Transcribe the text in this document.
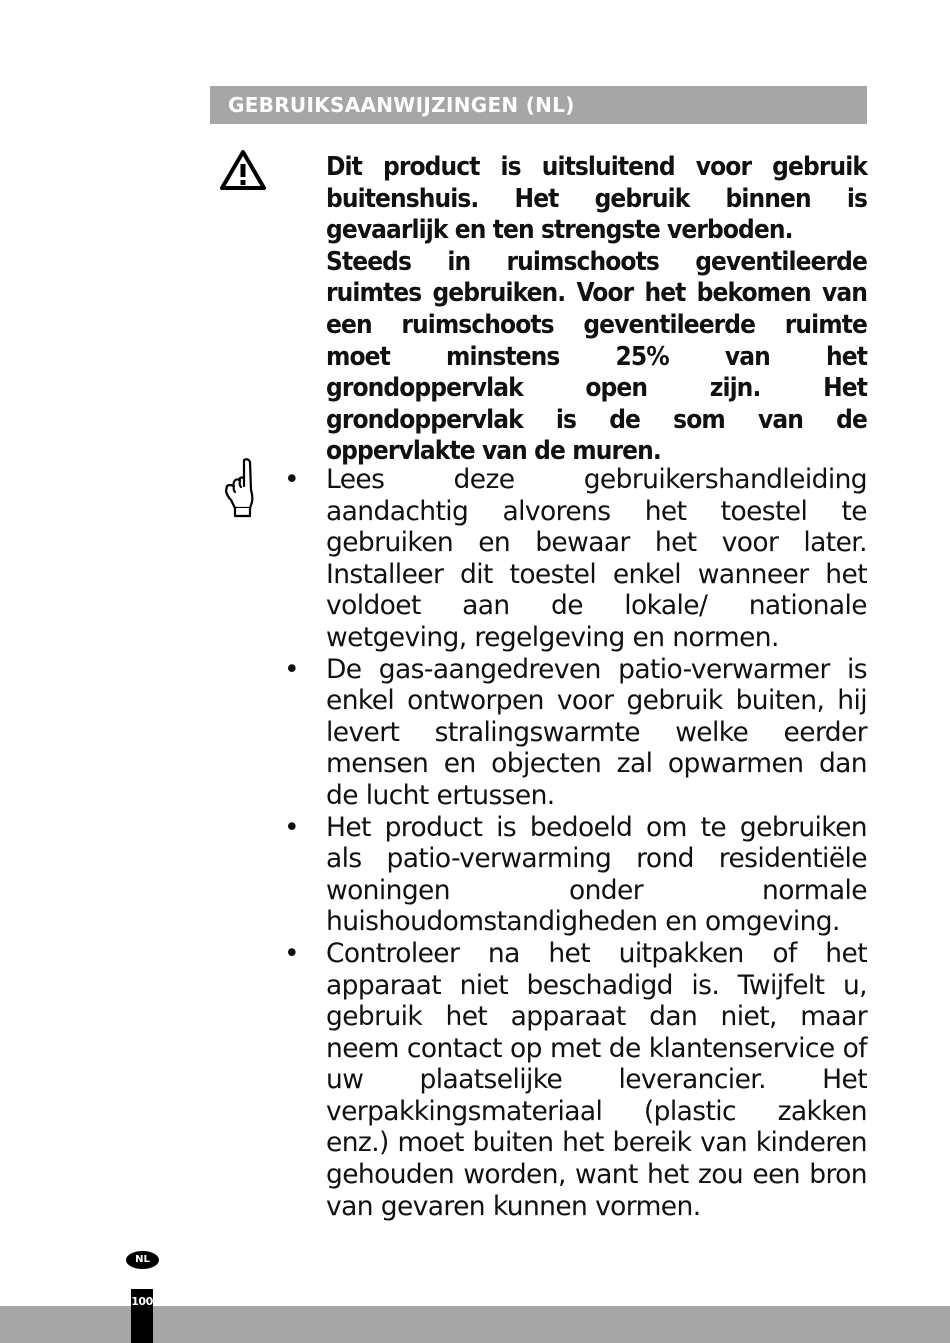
GEBRUIKSAANWIJZINGEN (NL)

Dit product is uitsluitend voor gebruik buitenshuis. Het gebruik binnen is gevaarlijk en ten strengste verboden.

Steeds in ruimschoots geventileerde ruimtes gebruiken. Voor het bekomen van een ruimschoots geventileerde ruimte moet minstens 25% van het grondoppervlak open zijn. Het grondoppervlak is de som van de oppervlakte van de muren.

•	Lees deze gebruikershandleiding aandachtig alvorens het toestel te gebruiken en bewaar het voor later. Installeer dit toestel enkel wanneer het voldoet aan de lokale/ nationale wetgeving, regelgeving en normen.
•	De gas-aangedreven patio-verwarmer is enkel ontworpen voor gebruik buiten, hij levert stralingswarmte welke eerder mensen en objecten zal opwarmen dan de lucht ertussen.
•	Het product is bedoeld om te gebruiken als patio-verwarming rond residentiële woningen onder normale huishoudomstandigheden en omgeving.
•	Controleer na het uitpakken of het apparaat niet beschadigd is. Twijfelt u, gebruik het apparaat dan niet, maar neem contact op met de klantenservice of uw plaatselijke leverancier. Het verpakkingsmateriaal (plastic zakken enz.) moet buiten het bereik van kinderen gehouden worden, want het zou een bron van gevaren kunnen vormen.
NL
100
